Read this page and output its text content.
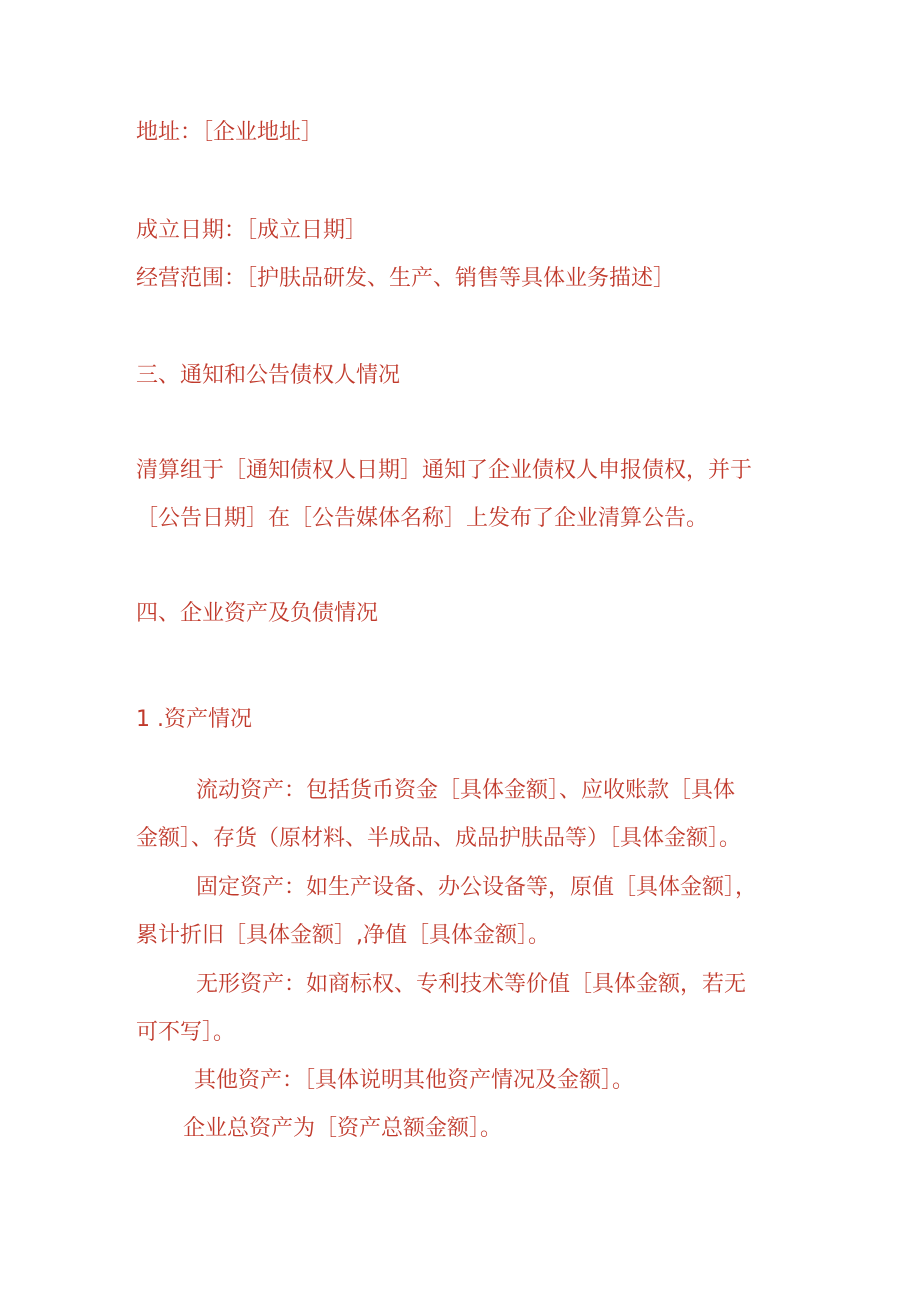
地址：［企业地址］
成立日期：［成立日期］
经营范围：［护肤品研发、生产、销售等具体业务描述］
三、通知和公告债权人情况
清算组于［通知债权人日期］通知了企业债权人申报债权，并于
［公告日期］在［公告媒体名称］上发布了企业清算公告。
四、企业资产及负债情况
1 .资产情况
流动资产：包括货币资金［具体金额］、应收账款［具体
金额］、存货（原材料、半成品、成品护肤品等）［具体金额］。
固定资产：如生产设备、办公设备等，原值［具体金额］，
累计折旧［具体金额］,净值［具体金额］。
无形资产：如商标权、专利技术等价值［具体金额，若无
可不写］。
其他资产：［具体说明其他资产情况及金额］。
企业总资产为［资产总额金额］。
